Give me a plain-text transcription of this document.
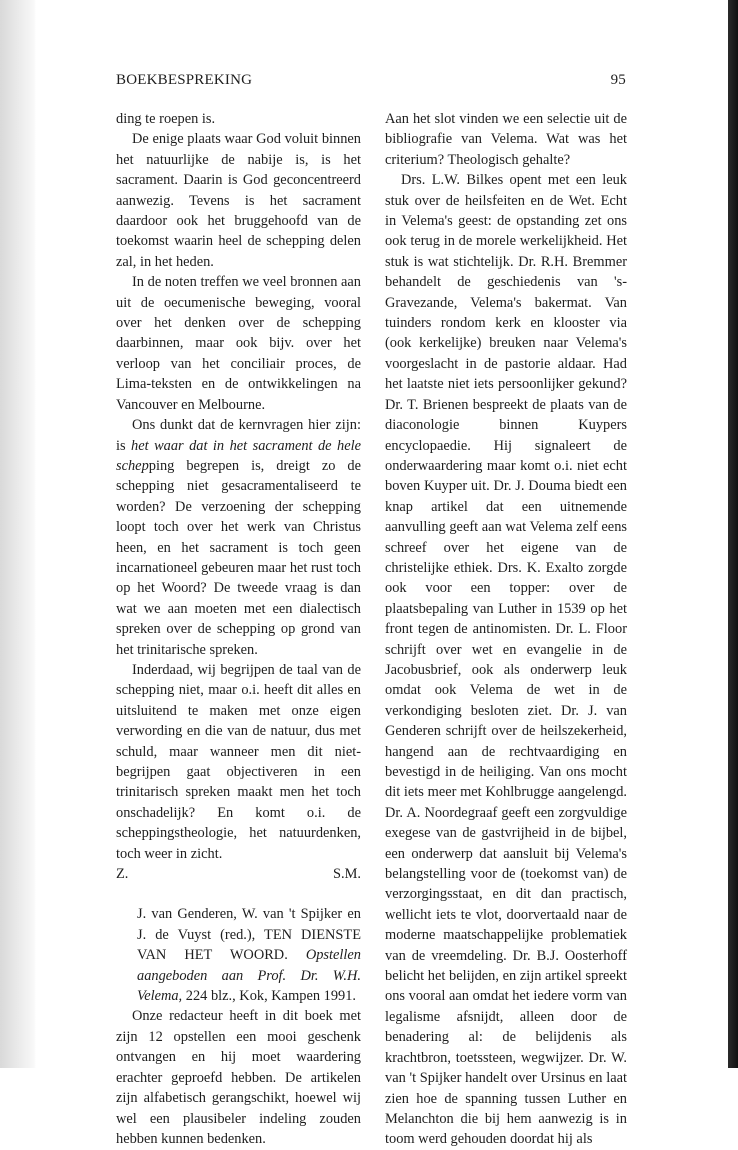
BOEKBESPREKING	95

ding te roepen is.

De enige plaats waar God voluit binnen het natuurlijke de nabije is, is het sacrament. Daarin is God geconcentreerd aanwezig. Tevens is het sacrament daardoor ook het bruggehoofd van de toekomst waarin heel de schepping delen zal, in het heden.

In de noten treffen we veel bronnen aan uit de oecumenische beweging, vooral over het denken over de schepping daarbinnen, maar ook bijv. over het verloop van het conciliair proces, de Lima-teksten en de ontwikkelingen na Vancouver en Melbourne.

Ons dunkt dat de kernvragen hier zijn: is het waar dat in het sacrament de hele schepping begrepen is, dreigt zo de schepping niet gesacramentaliseerd te worden? De verzoening der schepping loopt toch over het werk van Christus heen, en het sacrament is toch geen incarnationeel gebeuren maar het rust toch op het Woord? De tweede vraag is dan wat we aan moeten met een dialectisch spreken over de schepping op grond van het trinitarische spreken.

Inderdaad, wij begrijpen de taal van de schepping niet, maar o.i. heeft dit alles en uitsluitend te maken met onze eigen verwording en die van de natuur, dus met schuld, maar wanneer men dit niet-begrijpen gaat objectiveren in een trinitarisch spreken maakt men het toch onschadelijk? En komt o.i. de scheppingstheologie, het natuurdenken, toch weer in zicht.

Z.	S.M.

J. van Genderen, W. van 't Spijker en J. de Vuyst (red.), TEN DIENSTE VAN HET WOORD. Opstellen aangeboden aan Prof. Dr. W.H. Velema, 224 blz., Kok, Kampen 1991.

Onze redacteur heeft in dit boek met zijn 12 opstellen een mooi geschenk ontvangen en hij moet waardering erachter geproefd hebben. De artikelen zijn alfabetisch gerangschikt, hoewel wij wel een plausibeler indeling zouden hebben kunnen bedenken.

Aan het slot vinden we een selectie uit de bibliografie van Velema. Wat was het criterium? Theologisch gehalte?

Drs. L.W. Bilkes opent met een leuk stuk over de heilsfeiten en de Wet. Echt in Velema's geest: de opstanding zet ons ook terug in de morele werkelijkheid. Het stuk is wat stichtelijk. Dr. R.H. Bremmer behandelt de geschiedenis van 's-Gravezande, Velema's bakermat. Van tuinders rondom kerk en klooster via (ook kerkelijke) breuken naar Velema's voorgeslacht in de pastorie aldaar. Had het laatste niet iets persoonlijker gekund? Dr. T. Brienen bespreekt de plaats van de diaconologie binnen Kuypers encyclopaedie. Hij signaleert de onderwaardering maar komt o.i. niet echt boven Kuyper uit. Dr. J. Douma biedt een knap artikel dat een uitnemende aanvulling geeft aan wat Velema zelf eens schreef over het eigene van de christelijke ethiek. Drs. K. Exalto zorgde ook voor een topper: over de plaatsbepaling van Luther in 1539 op het front tegen de antinomisten. Dr. L. Floor schrijft over wet en evangelie in de Jacobusbrief, ook als onderwerp leuk omdat ook Velema de wet in de verkondiging besloten ziet. Dr. J. van Genderen schrijft over de heilszekerheid, hangend aan de rechtvaardiging en bevestigd in de heiliging. Van ons mocht dit iets meer met Kohlbrugge aangelengd. Dr. A. Noordegraaf geeft een zorgvuldige exegese van de gastvrijheid in de bijbel, een onderwerp dat aansluit bij Velema's belangstelling voor de (toekomst van) de verzorgingsstaat, en dit dan practisch, wellicht iets te vlot, doorvertaald naar de moderne maatschappelijke problematiek van de vreemdeling. Dr. B.J. Oosterhoff belicht het belijden, en zijn artikel spreekt ons vooral aan omdat het iedere vorm van legalisme afsnijdt, alleen door de benadering al: de belijdenis als krachtbron, toetssteen, wegwijzer. Dr. W. van 't Spijker handelt over Ursinus en laat zien hoe de spanning tussen Luther en Melanchton die bij hem aanwezig is in toom werd gehouden doordat hij als
